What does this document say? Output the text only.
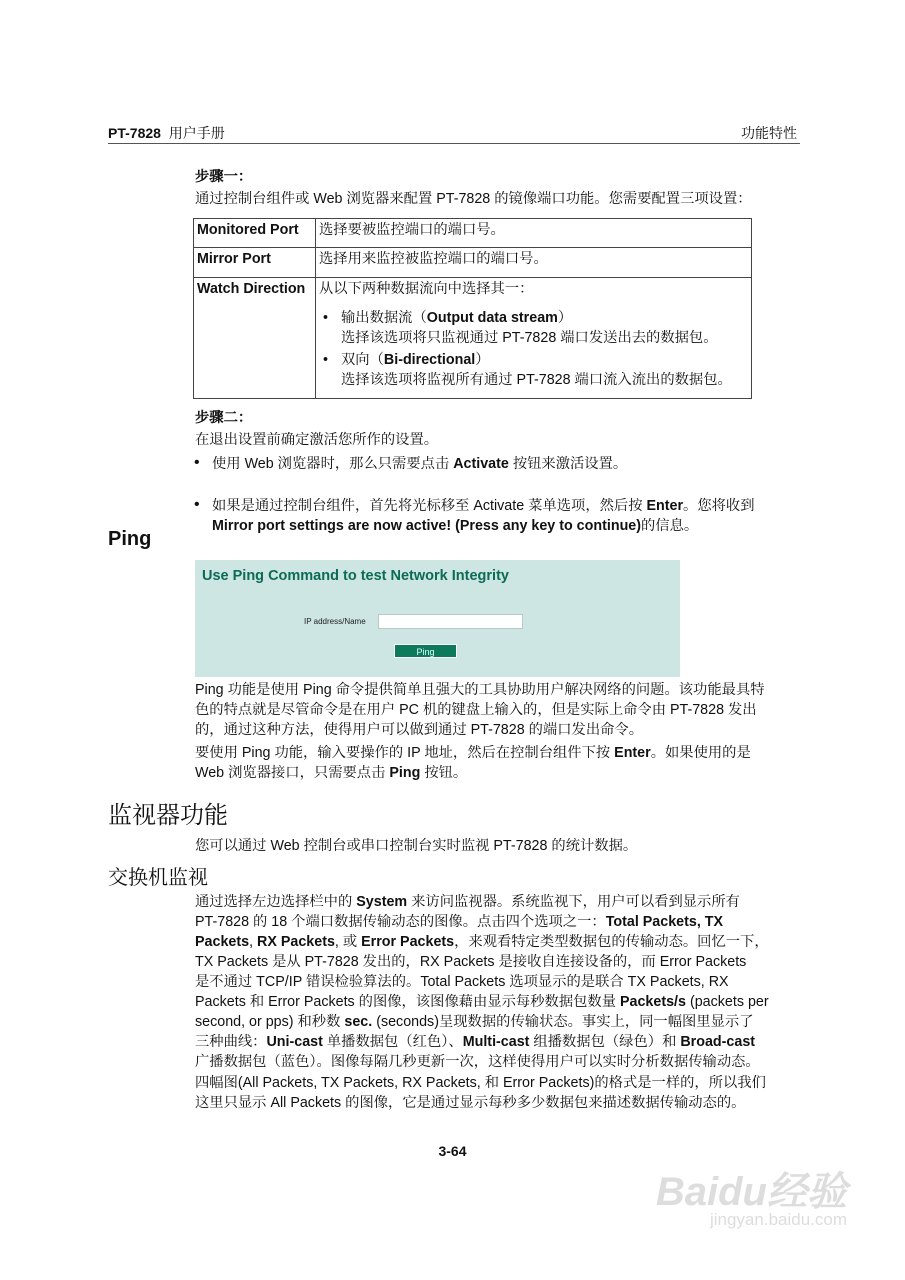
PT-7828 用户手册	功能特性
步骤一：
通过控制台组件或 Web 浏览器来配置 PT-7828 的镜像端口功能。您需要配置三项设置：
Monitored Port	选择要被监控端口的端口号。
Mirror Port	选择用来监控被监控端口的端口号。
Watch Direction	从以下两种数据流向中选择其一：
• 输出数据流（Output data stream）
选择该选项将只监视通过 PT-7828 端口发送出去的数据包。
• 双向（Bi-directional）
选择该选项将监视所有通过 PT-7828 端口流入流出的数据包。
步骤二：
在退出设置前确定激活您所作的设置。
• 使用 Web 浏览器时，那么只需要点击 Activate 按钮来激活设置。
• 如果是通过控制台组件，首先将光标移至 Activate 菜单选项，然后按 Enter。您将收到
Mirror port settings are now active! (Press any key to continue)的信息。
Ping
Use Ping Command to test Network Integrity
IP address/Name
Ping
Ping 功能是使用 Ping 命令提供简单且强大的工具协助用户解决网络的问题。该功能最具特
色的特点就是尽管命令是在用户 PC 机的键盘上输入的，但是实际上命令由 PT-7828 发出
的，通过这种方法，使得用户可以做到通过 PT-7828 的端口发出命令。
要使用 Ping 功能，输入要操作的 IP 地址，然后在控制台组件下按 Enter。如果使用的是
Web 浏览器接口，只需要点击 Ping 按钮。
监视器功能
您可以通过 Web 控制台或串口控制台实时监视 PT-7828 的统计数据。
交换机监视
通过选择左边选择栏中的 System 来访问监视器。系统监视下，用户可以看到显示所有
PT-7828 的 18 个端口数据传输动态的图像。点击四个选项之一：Total Packets, TX
Packets, RX Packets, 或 Error Packets，来观看特定类型数据包的传输动态。回忆一下，
TX Packets 是从 PT-7828 发出的，RX Packets 是接收自连接设备的，而 Error Packets
是不通过 TCP/IP 错误检验算法的。Total Packets 选项显示的是联合 TX Packets, RX
Packets 和 Error Packets 的图像，该图像藉由显示每秒数据包数量 Packets/s (packets per
second, or pps) 和秒数 sec. (seconds)呈现数据的传输状态。事实上，同一幅图里显示了
三种曲线：Uni-cast 单播数据包（红色）、Multi-cast 组播数据包（绿色）和 Broad-cast
广播数据包（蓝色）。图像每隔几秒更新一次，这样使得用户可以实时分析数据传输动态。
四幅图(All Packets, TX Packets, RX Packets, 和 Error Packets)的格式是一样的，所以我们
这里只显示 All Packets 的图像，它是通过显示每秒多少数据包来描述数据传输动态的。
3-64
Baidu经验
jingyan.baidu.com
